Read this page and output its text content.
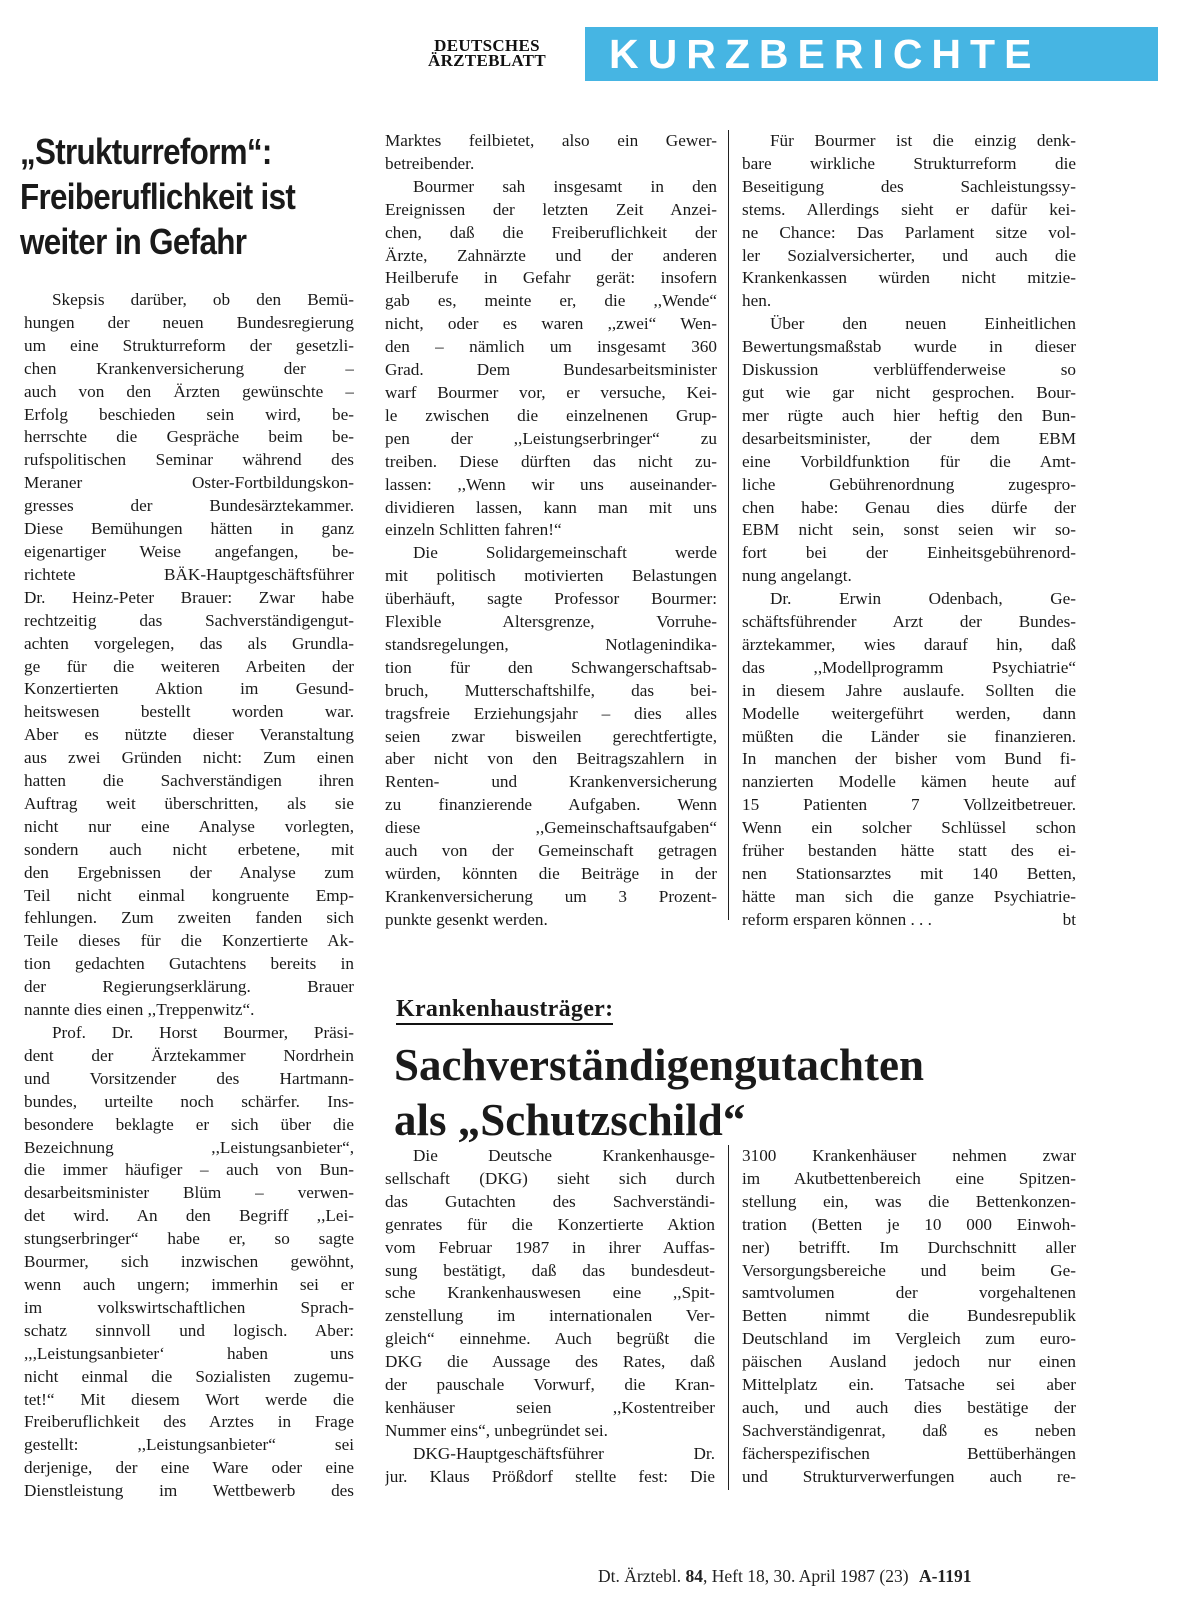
DEUTSCHES
ÄRZTEBLATT	KURZBERICHTE
„Strukturreform“:
Freiberuflichkeit ist
weiter in Gefahr
Skepsis darüber, ob den Bemü-
hungen der neuen Bundesregierung
um eine Strukturreform der gesetzli-
chen Krankenversicherung der –
auch von den Ärzten gewünschte –
Erfolg beschieden sein wird, be-
herrschte die Gespräche beim be-
rufspolitischen Seminar während des
Meraner Oster-Fortbildungskon-
gresses der Bundesärztekammer.
Diese Bemühungen hätten in ganz
eigenartiger Weise angefangen, be-
richtete BÄK-Hauptgeschäftsführer
Dr. Heinz-Peter Brauer: Zwar habe
rechtzeitig das Sachverständigengut-
achten vorgelegen, das als Grundla-
ge für die weiteren Arbeiten der
Konzertierten Aktion im Gesund-
heitswesen bestellt worden war.
Aber es nützte dieser Veranstaltung
aus zwei Gründen nicht: Zum einen
hatten die Sachverständigen ihren
Auftrag weit überschritten, als sie
nicht nur eine Analyse vorlegten,
sondern auch nicht erbetene, mit
den Ergebnissen der Analyse zum
Teil nicht einmal kongruente Emp-
fehlungen. Zum zweiten fanden sich
Teile dieses für die Konzertierte Ak-
tion gedachten Gutachtens bereits in
der Regierungserklärung. Brauer
nannte dies einen ,,Treppenwitz“.
Prof. Dr. Horst Bourmer, Präsi-
dent der Ärztekammer Nordrhein
und Vorsitzender des Hartmann-
bundes, urteilte noch schärfer. Ins-
besondere beklagte er sich über die
Bezeichnung ,,Leistungsanbieter“,
die immer häufiger – auch von Bun-
desarbeitsminister Blüm – verwen-
det wird. An den Begriff ,,Lei-
stungserbringer“ habe er, so sagte
Bourmer, sich inzwischen gewöhnt,
wenn auch ungern; immerhin sei er
im volkswirtschaftlichen Sprach-
schatz sinnvoll und logisch. Aber:
,,,Leistungsanbieter‘ haben uns
nicht einmal die Sozialisten zugemu-
tet!“ Mit diesem Wort werde die
Freiberuflichkeit des Arztes in Frage
gestellt: ,,Leistungsanbieter“ sei
derjenige, der eine Ware oder eine
Dienstleistung im Wettbewerb des
Marktes feilbietet, also ein Gewer-
betreibender.
Bourmer sah insgesamt in den
Ereignissen der letzten Zeit Anzei-
chen, daß die Freiberuflichkeit der
Ärzte, Zahnärzte und der anderen
Heilberufe in Gefahr gerät: insofern
gab es, meinte er, die ,,Wende“
nicht, oder es waren ,,zwei“ Wen-
den – nämlich um insgesamt 360
Grad. Dem Bundesarbeitsminister
warf Bourmer vor, er versuche, Kei-
le zwischen die einzelnenen Grup-
pen der ,,Leistungserbringer“ zu
treiben. Diese dürften das nicht zu-
lassen: ,,Wenn wir uns auseinander-
dividieren lassen, kann man mit uns
einzeln Schlitten fahren!“
Die Solidargemeinschaft werde
mit politisch motivierten Belastungen
überhäuft, sagte Professor Bourmer:
Flexible Altersgrenze, Vorruhe-
standsregelungen, Notlagenindika-
tion für den Schwangerschaftsab-
bruch, Mutterschaftshilfe, das bei-
tragsfreie Erziehungsjahr – dies alles
seien zwar bisweilen gerechtfertigte,
aber nicht von den Beitragszahlern in
Renten- und Krankenversicherung
zu finanzierende Aufgaben. Wenn
diese ,,Gemeinschaftsaufgaben“
auch von der Gemeinschaft getragen
würden, könnten die Beiträge in der
Krankenversicherung um 3 Prozent-
punkte gesenkt werden.
Für Bourmer ist die einzig denk-
bare wirkliche Strukturreform die
Beseitigung des Sachleistungssy-
stems. Allerdings sieht er dafür kei-
ne Chance: Das Parlament sitze vol-
ler Sozialversicherter, und auch die
Krankenkassen würden nicht mitzie-
hen.
Über den neuen Einheitlichen
Bewertungsmaßstab wurde in dieser
Diskussion verblüffenderweise so
gut wie gar nicht gesprochen. Bour-
mer rügte auch hier heftig den Bun-
desarbeitsminister, der dem EBM
eine Vorbildfunktion für die Amt-
liche Gebührenordnung zugespro-
chen habe: Genau dies dürfe der
EBM nicht sein, sonst seien wir so-
fort bei der Einheitsgebührenord-
nung angelangt.
Dr. Erwin Odenbach, Ge-
schäftsführender Arzt der Bundes-
ärztekammer, wies darauf hin, daß
das ,,Modellprogramm Psychiatrie“
in diesem Jahre auslaufe. Sollten die
Modelle weitergeführt werden, dann
müßten die Länder sie finanzieren.
In manchen der bisher vom Bund fi-
nanzierten Modelle kämen heute auf
15 Patienten 7 Vollzeitbetreuer.
Wenn ein solcher Schlüssel schon
früher bestanden hätte statt des ei-
nen Stationsarztes mit 140 Betten,
hätte man sich die ganze Psychiatrie-
reform ersparen können . . .	bt
Krankenhausträger:
Sachverständigengutachten
als „Schutzschild“
Die Deutsche Krankenhausge-
sellschaft (DKG) sieht sich durch
das Gutachten des Sachverständi-
genrates für die Konzertierte Aktion
vom Februar 1987 in ihrer Auffas-
sung bestätigt, daß das bundesdeut-
sche Krankenhauswesen eine ,,Spit-
zenstellung im internationalen Ver-
gleich“ einnehme. Auch begrüßt die
DKG die Aussage des Rates, daß
der pauschale Vorwurf, die Kran-
kenhäuser seien ,,Kostentreiber
Nummer eins“, unbegründet sei.
DKG-Hauptgeschäftsführer Dr.
jur. Klaus Prößdorf stellte fest: Die
3100 Krankenhäuser nehmen zwar
im Akutbettenbereich eine Spitzen-
stellung ein, was die Bettenkonzen-
tration (Betten je 10 000 Einwoh-
ner) betrifft. Im Durchschnitt aller
Versorgungsbereiche und beim Ge-
samtvolumen der vorgehaltenen
Betten nimmt die Bundesrepublik
Deutschland im Vergleich zum euro-
päischen Ausland jedoch nur einen
Mittelplatz ein. Tatsache sei aber
auch, und auch dies bestätige der
Sachverständigenrat, daß es neben
fächerspezifischen Bettüberhängen
und Strukturverwerfungen auch re-
Dt. Ärztebl. 84, Heft 18, 30. April 1987 (23) A-1191
